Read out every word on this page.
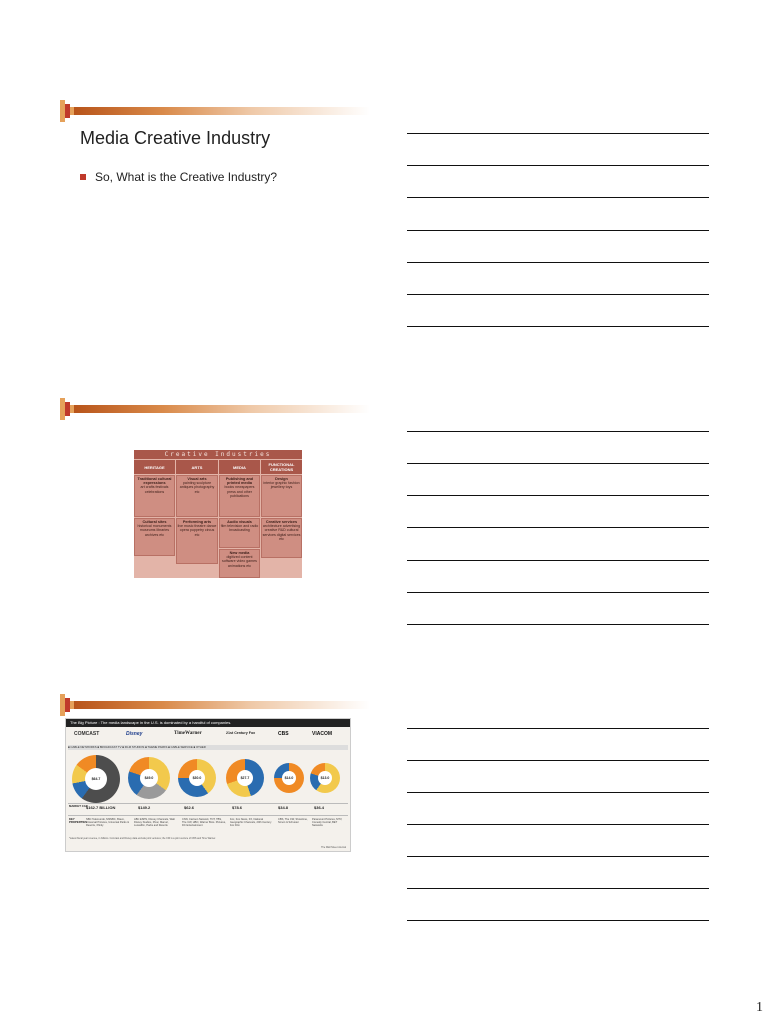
Media Creative Industry
So, What is the Creative Industry?
Creative Industries
HERITAGE	ARTS	MEDIA	FUNCTIONAL CREATIONS
Traditional cultural expressions
art crafts festivals celebrations
Cultural sites
historical monuments museums libraries archives etc
Visual arts
painting sculpture antiques photography etc
Performing arts
live music theatre dance opera puppetry circus etc
Publishing and printed media
books newspapers press and other publications
Audio visuals
film television and radio broadcasting
New media
digitized content software video games animations etc
Design
interior graphic fashion jewellery toys
Creative services
architecture advertising creative R&D cultural services digital services etc
The Big Picture : The media landscape in the U.S. is dominated by a handful of companies.
COMCAST	Disney	TimeWarner	21st Century Fox	CBS	VIACOM
■ CABLE NETWORKS ■ BROADCAST TV ■ FILM STUDIOS ■ THEME PARKS ■ CABLE SERVICE ■ OTHER
$64.7	$49.0	$30.0	$27.7	$14.0	$13.0
MARKET CAP
$162.7 BILLION	$149.2	$62.6	$78.6	$34.8	$36.4
KEY PROPERTIES
NBC Telemundo, MSNBC, Bravo, Universal Pictures, Universal Parks & Resorts, Xfinity
ABC ESPN, Disney Channels, Walt Disney Studios, Pixar, Marvel, Lucasfilm, Parks and Resorts
CNN, Cartoon Network, TNT, TBS, The CW, HBO, Warner Bros. Pictures, DC Entertainment
Fox, Fox News, FX, National Geographic Channels, 20th Century Fox Film
CBS, The CW, Showtime, Simon & Schuster
Paramount Pictures, MTV, Comedy Central, BET Networks
*Latest fiscal year revenue, in billions. Comcast and Disney data exclude joint ventures; the CW is a joint venture of CBS and Time Warner.
The Wall Street Journal
1
